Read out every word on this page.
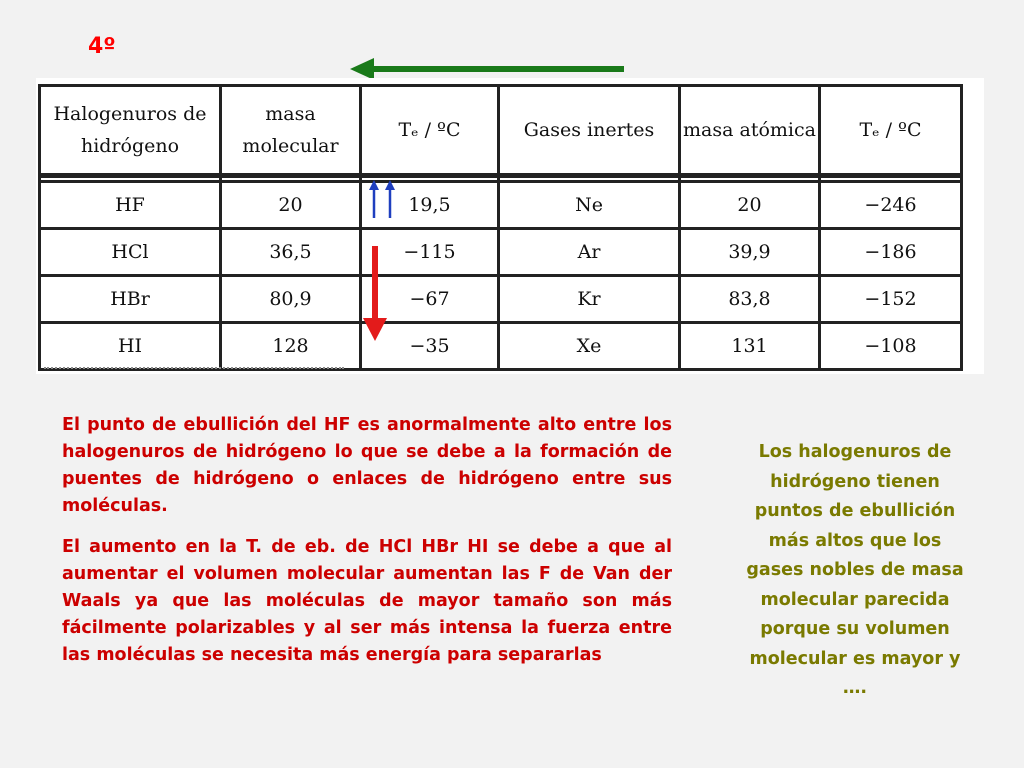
4º
Halogenuros de hidrógeno	masa molecular	Tₑ / ºC	Gases inertes	masa atómica	Tₑ / ºC

HF	20	19,5	Ne	20	−246
HCl	36,5	−115	Ar	39,9	−186
HBr	80,9	−67	Kr	83,8	−152
HI	128	−35	Xe	131	−108

El punto de ebullición del HF es anormalmente alto entre los halogenuros de hidrógeno lo que se debe a la formación de puentes de hidrógeno o enlaces de hidrógeno entre sus moléculas.

El aumento en la T. de eb. de HCl HBr HI se debe a que al aumentar el volumen molecular aumentan las F de Van der Waals ya que las moléculas de mayor tamaño son más fácilmente polarizables y al ser más intensa la fuerza entre las moléculas se necesita más energía para separarlas

Los halogenuros de hidrógeno tienen puntos de ebullición más altos que los gases nobles de masa molecular parecida porque su volumen molecular es mayor y ….
